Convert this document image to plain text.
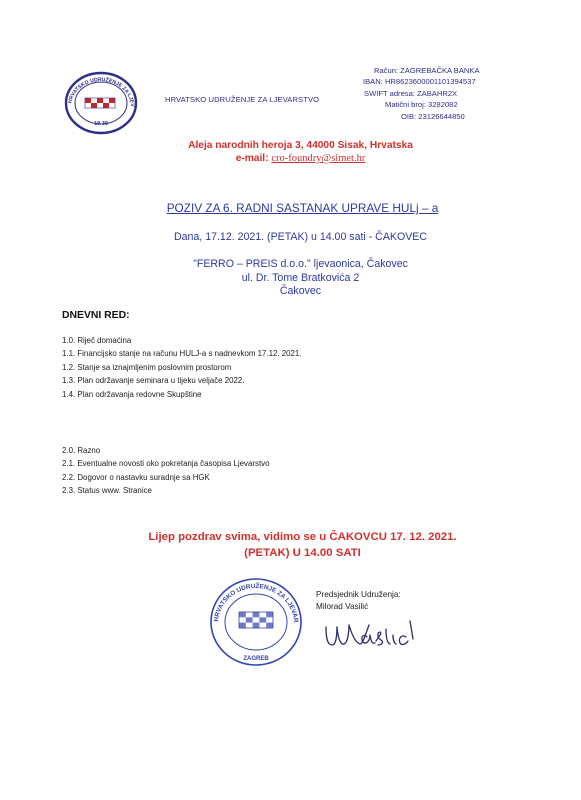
HRVATSKO UDRUŽENJE ZA LJEV
19 39
HRVATSKO UDRUŽENJE ZA LJEVARSTVO
Račun: ZAGREBAČKA BANKA
IBAN: HR8623600001101394537
SWIFT adresa: ZABAHR2X
Matični broj: 3282082
OIB: 23126644850
Aleja narodnih heroja 3, 44000 Sisak, Hrvatska
e-mail: cro-foundry@simet.hr
POZIV ZA 6. RADNI SASTANAK UPRAVE HULj – a
Dana, 17.12. 2021. (PETAK) u 14.00 sati - ČAKOVEC
"FERRO – PREIS d.o.o." ljevaonica, Čakovec
ul. Dr. Tome Bratkovića 2
Čakovec
DNEVNI RED:
1.0. Riječ domaćina
1.1. Financijsko stanje na računu HULJ-a s nadnevkom 17.12. 2021.
1.2. Stanje sa iznajmljenim poslovnim prostorom
1.3. Plan održavanje seminara u tijeku veljače 2022.
1.4. Plan održavanja redovne Skupštine
2.0. Razno
2.1. Eventualne novosti oko pokretanja časopisa Ljevarstvo
2.2. Dogovor o nastavku suradnje sa HGK
2.3. Status www. Stranice
Lijep pozdrav svima, vidimo se u ČAKOVCU 17. 12. 2021.
(PETAK) U 14.00 SATI
HRVATSKO UDRUŽENJE ZA LJEVAR
ZAGREB
Predsjednik Udruženja:
Milorad Vasilić
